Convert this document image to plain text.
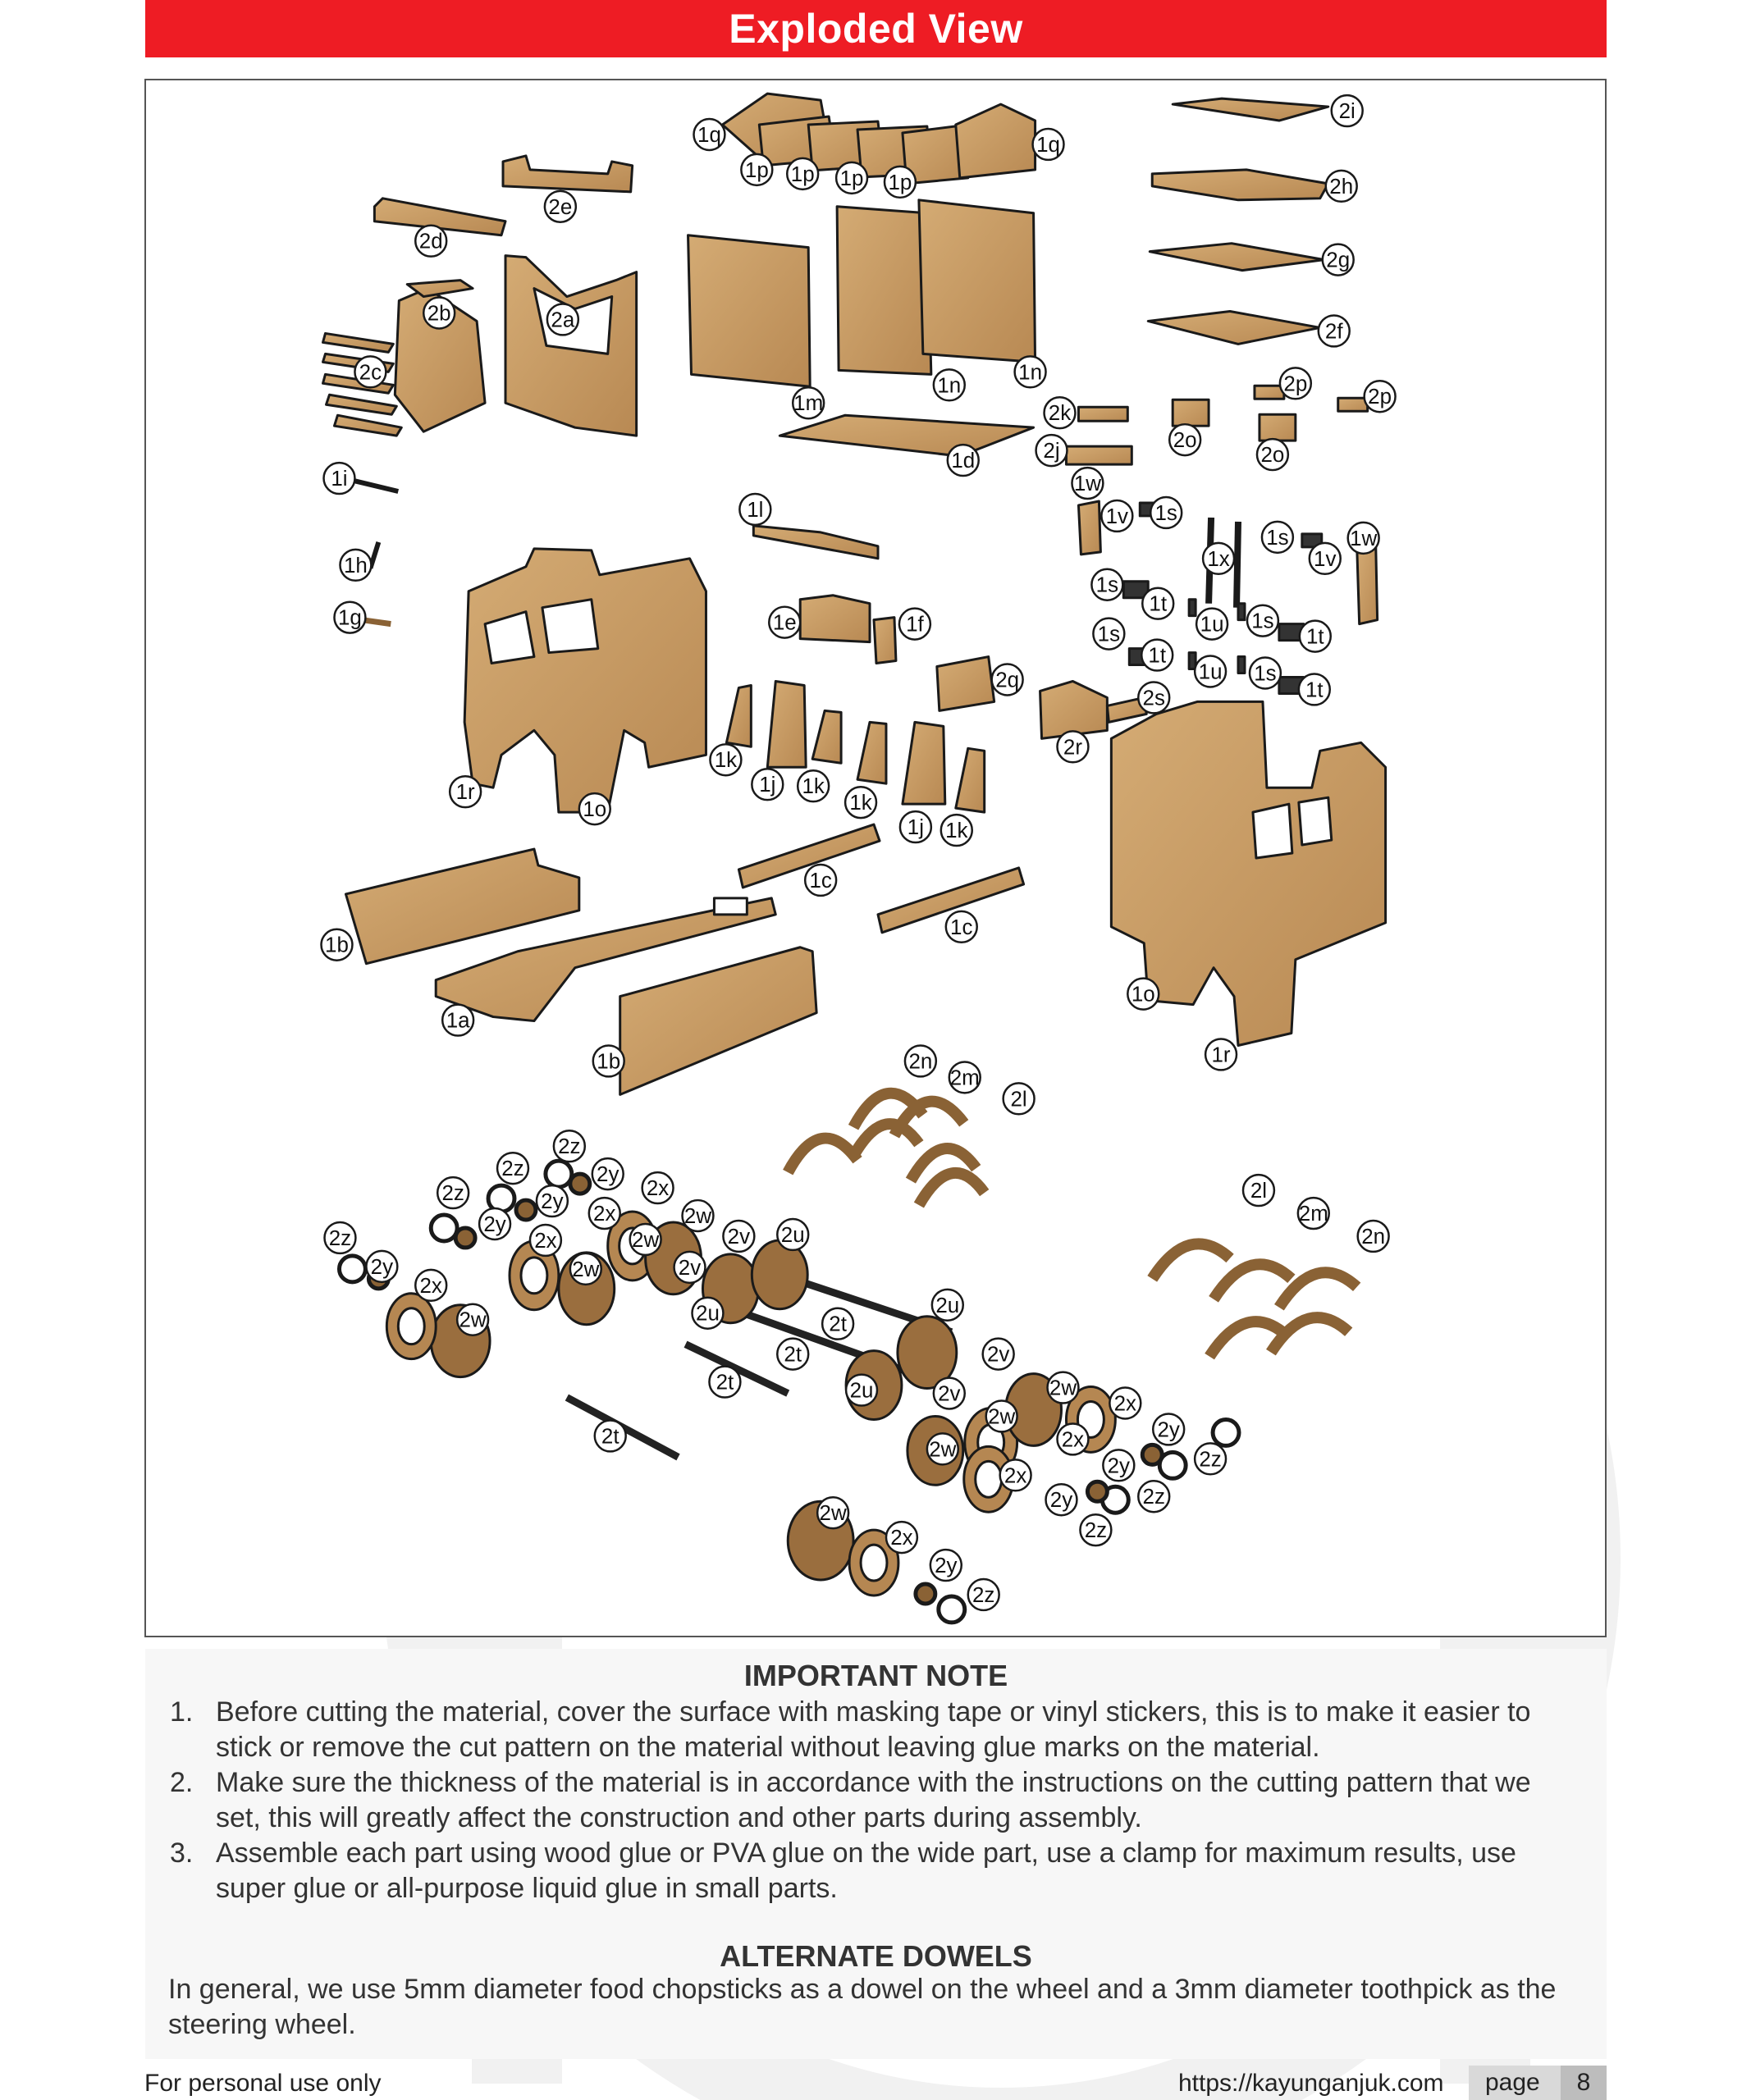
Exploded View
1q	1q
1p 1p 1p 1p
2i
2h
2g
2f
2e
2d
2b	2a
2c
1m
1n
1n	2p
2p
2k
2o
2o
2j
1d
1i
1l
1w
1v 1s
1s
1v
1w
1x
1h
1s
1t
1g	1e	1f	1u 1s
1t
1s
1t
1u 1s
1t
2q
2s
2r
1k
1j 1k
1k
1j 1k
1r
1o
1c
1c
1b
1o
1a
1b	1r
2n
2m
2l
2z
2z	2y
2z	2x
2y	2l
2x	2w
2y	2m
2x	2v 2u
2w	2n
2z
2w	2v
2y
2x
2u
2u
2w	2t
2v
2t
2w
2t	2u	2v	2x
2w
2t	2y
2w	2x
2z
2y
2x
2z
2y
2w
2z
2x
2y
2z
IMPORTANT NOTE
1. Before cutting the material, cover the surface with masking tape or vinyl stickers, this is to make it easier to stick or remove the cut pattern on the material without leaving glue marks on the material.
2. Make sure the thickness of the material is in accordance with the instructions on the cutting pattern that we set, this will greatly affect the construction and other parts during assembly.
3. Assemble each part using wood glue or PVA glue on the wide part, use a clamp for maximum results, use super glue or all-purpose liquid glue in small parts.
ALTERNATE DOWELS
In general, we use 5mm diameter food chopsticks as a dowel on the wheel and a 3mm diameter toothpick as the steering wheel.
For personal use only	https://kayunganjuk.com page	8
